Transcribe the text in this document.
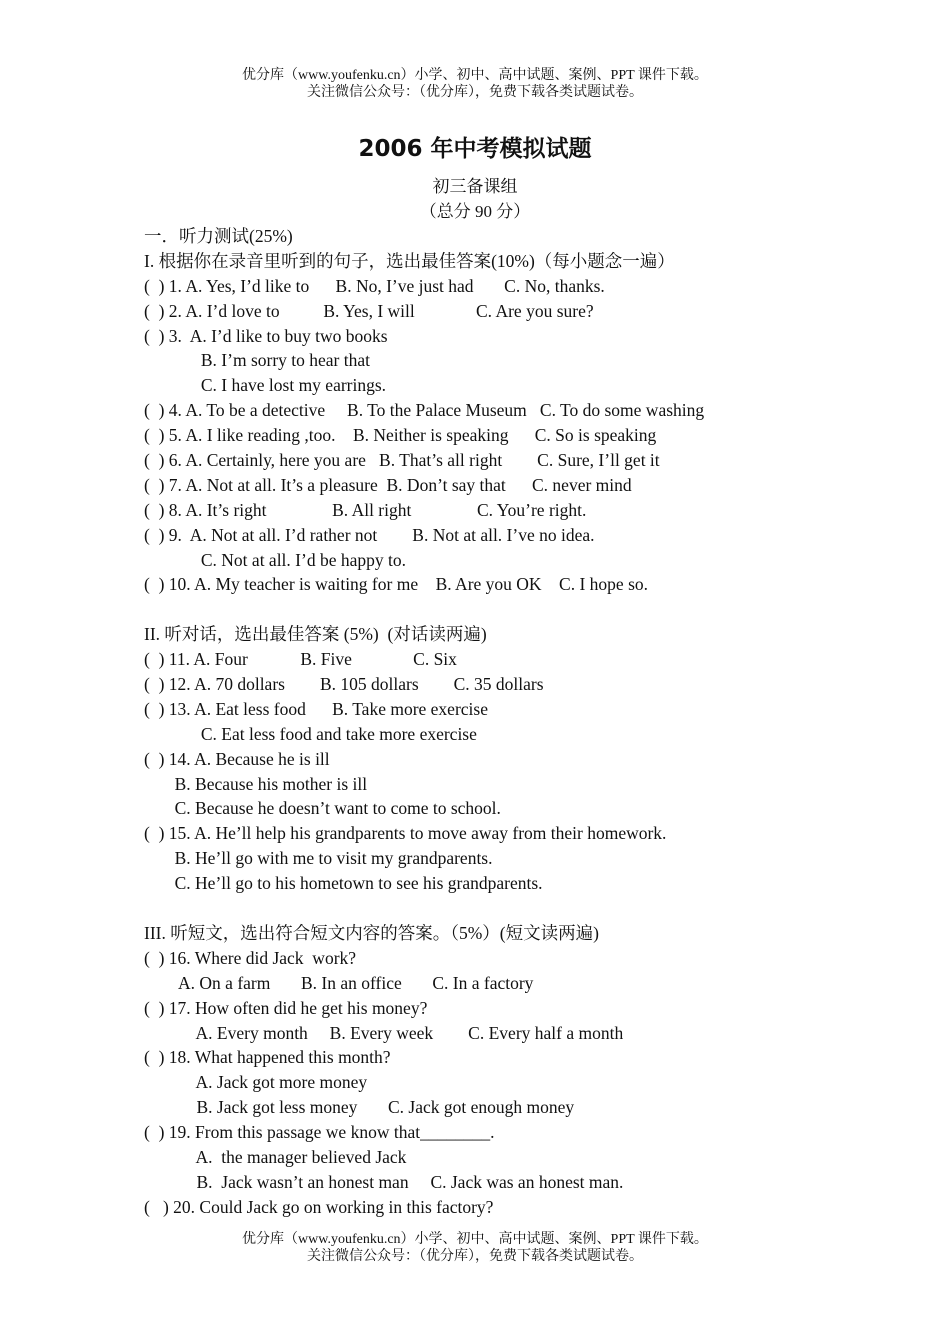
优分库（www.youfenku.cn）小学、初中、高中试题、案例、PPT 课件下载。
关注微信公众号：（优分库），免费下载各类试题试卷。
2006 年中考模拟试题
初三备课组
（总分 90 分）
一．听力测试(25%)
I. 根据你在录音里听到的句子，选出最佳答案(10%)（每小题念一遍）
(  ) 1. A. Yes, I’d like to      B. No, I’ve just had       C. No, thanks.
(  ) 2. A. I’d love to          B. Yes, I will              C. Are you sure?
(  ) 3.  A. I’d like to buy two books
B. I’m sorry to hear that
C. I have lost my earrings.
(  ) 4. A. To be a detective     B. To the Palace Museum   C. To do some washing
(  ) 5. A. I like reading ,too.    B. Neither is speaking      C. So is speaking
(  ) 6. A. Certainly, here you are   B. That’s all right        C. Sure, I’ll get it
(  ) 7. A. Not at all. It’s a pleasure  B. Don’t say that      C. never mind
(  ) 8. A. It’s right               B. All right               C. You’re right.
(  ) 9.  A. Not at all. I’d rather not        B. Not at all. I’ve no idea.
C. Not at all. I’d be happy to.
(  ) 10. A. My teacher is waiting for me    B. Are you OK    C. I hope so.
II. 听对话，选出最佳答案 (5%)  (对话读两遍)
(  ) 11. A. Four            B. Five              C. Six
(  ) 12. A. 70 dollars        B. 105 dollars        C. 35 dollars
(  ) 13. A. Eat less food      B. Take more exercise
C. Eat less food and take more exercise
(  ) 14. A. Because he is ill
B. Because his mother is ill
C. Because he doesn’t want to come to school.
(  ) 15. A. He’ll help his grandparents to move away from their homework.
B. He’ll go with me to visit my grandparents.
C. He’ll go to his hometown to see his grandparents.
III. 听短文，选出符合短文内容的答案。（5%）(短文读两遍)
(  ) 16. Where did Jack  work?
A. On a farm       B. In an office       C. In a factory
(  ) 17. How often did he get his money?
A. Every month     B. Every week        C. Every half a month
(  ) 18. What happened this month?
A. Jack got more money
B. Jack got less money       C. Jack got enough money
(  ) 19. From this passage we know that________.
A.  the manager believed Jack
B.  Jack wasn’t an honest man     C. Jack was an honest man.
(   ) 20. Could Jack go on working in this factory?
优分库（www.youfenku.cn）小学、初中、高中试题、案例、PPT 课件下载。
关注微信公众号：（优分库），免费下载各类试题试卷。
